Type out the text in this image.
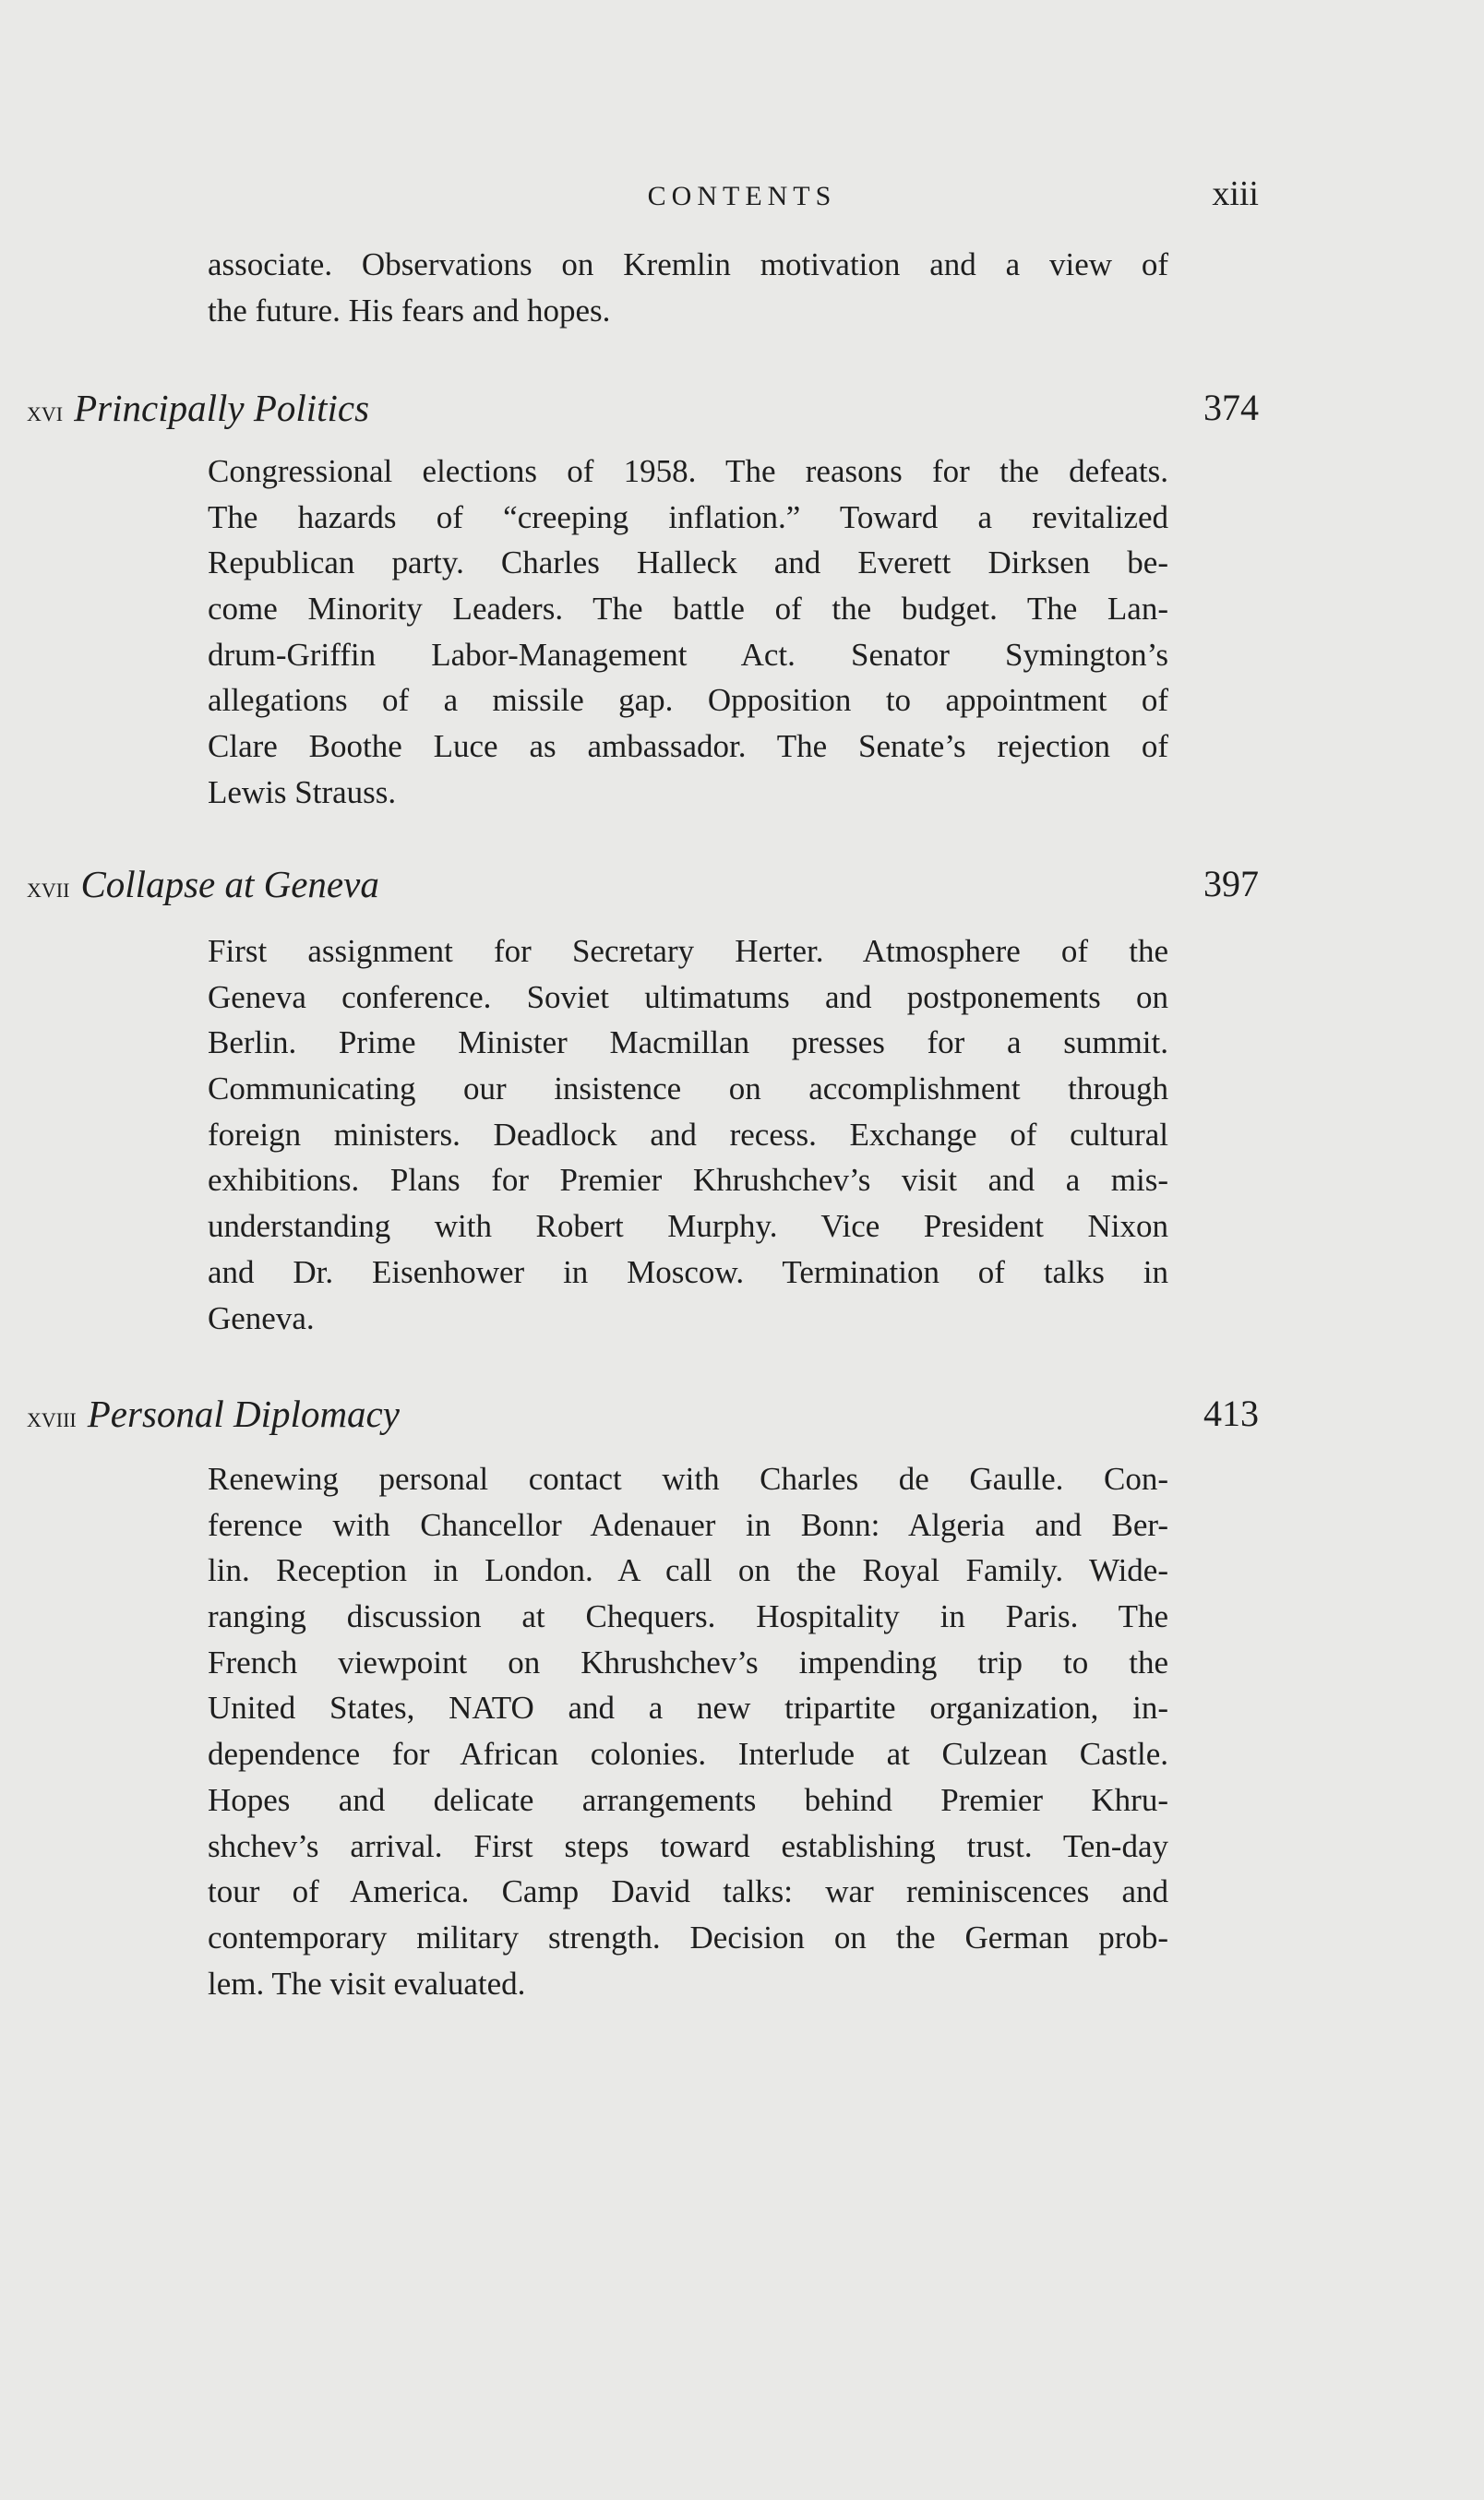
CONTENTS	xiii
associate. Observations on Kremlin motivation and a view of
the future. His fears and hopes.
xvi Principally Politics	374
Congressional elections of 1958. The reasons for the defeats.
The hazards of “creeping inflation.” Toward a revitalized
Republican party. Charles Halleck and Everett Dirksen be-
come Minority Leaders. The battle of the budget. The Lan-
drum-Griffin Labor-Management Act. Senator Symington’s
allegations of a missile gap. Opposition to appointment of
Clare Boothe Luce as ambassador. The Senate’s rejection of
Lewis Strauss.
xvii Collapse at Geneva	397
First assignment for Secretary Herter. Atmosphere of the
Geneva conference. Soviet ultimatums and postponements on
Berlin. Prime Minister Macmillan presses for a summit.
Communicating our insistence on accomplishment through
foreign ministers. Deadlock and recess. Exchange of cultural
exhibitions. Plans for Premier Khrushchev’s visit and a mis-
understanding with Robert Murphy. Vice President Nixon
and Dr. Eisenhower in Moscow. Termination of talks in
Geneva.
xviii Personal Diplomacy	413
Renewing personal contact with Charles de Gaulle. Con-
ference with Chancellor Adenauer in Bonn: Algeria and Ber-
lin. Reception in London. A call on the Royal Family. Wide-
ranging discussion at Chequers. Hospitality in Paris. The
French viewpoint on Khrushchev’s impending trip to the
United States, NATO and a new tripartite organization, in-
dependence for African colonies. Interlude at Culzean Castle.
Hopes and delicate arrangements behind Premier Khru-
shchev’s arrival. First steps toward establishing trust. Ten-day
tour of America. Camp David talks: war reminiscences and
contemporary military strength. Decision on the German prob-
lem. The visit evaluated.
